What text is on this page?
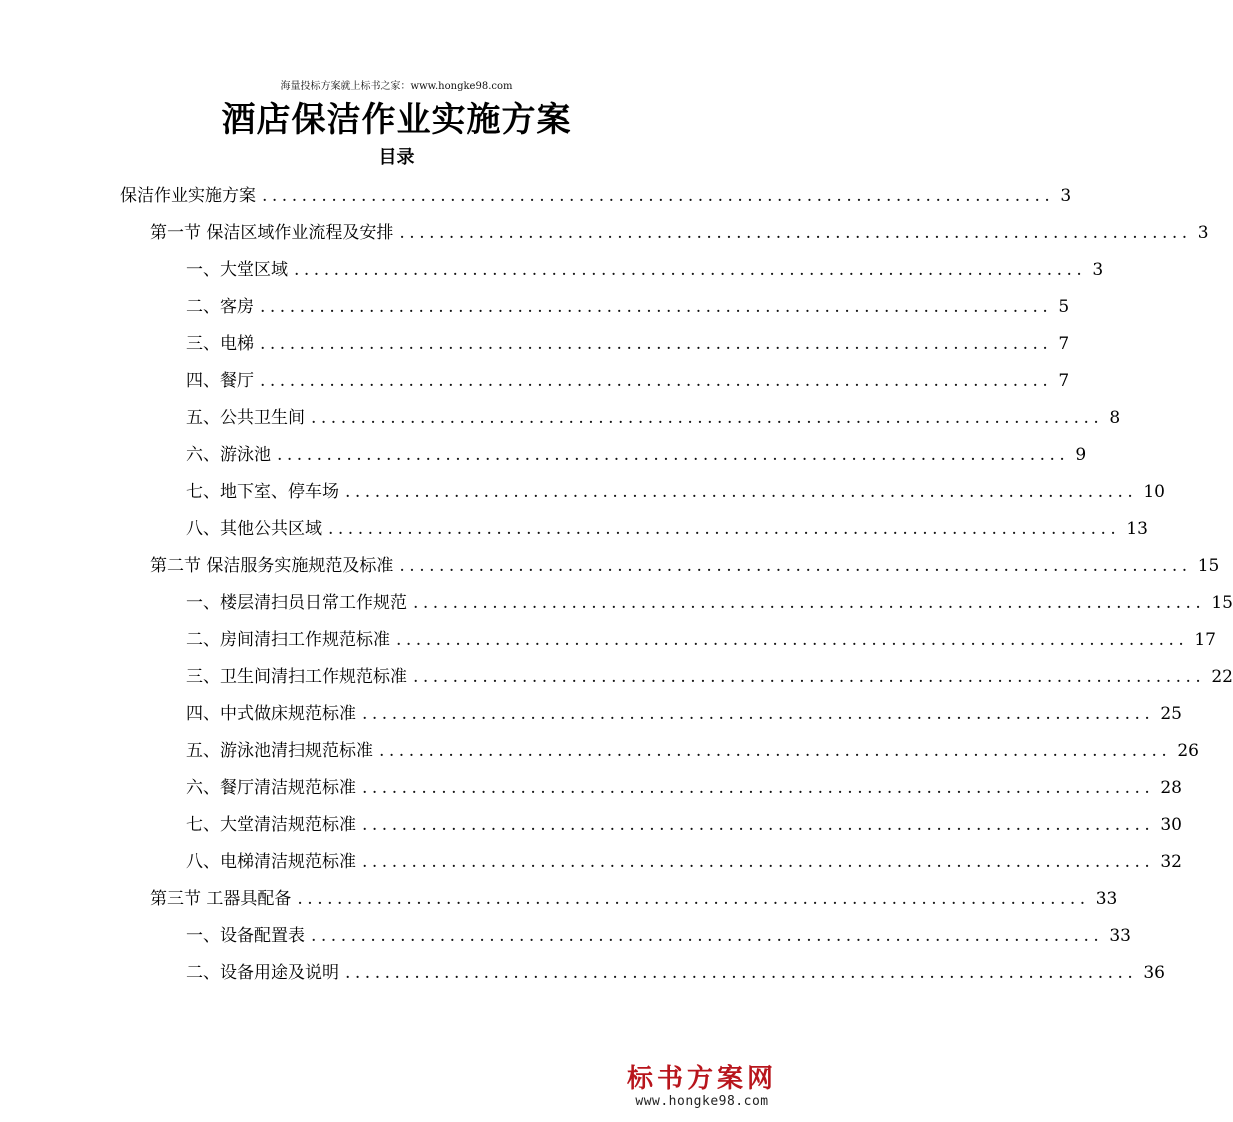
海量投标方案就上标书之家：www.hongke98.com
酒店保洁作业实施方案
目录
保洁作业实施方案 ................................................................................ 3
第一节 保洁区域作业流程及安排 ................................................................................ 3
一、大堂区域 ................................................................................ 3
二、客房 ................................................................................ 5
三、电梯 ................................................................................ 7
四、餐厅 ................................................................................ 7
五、公共卫生间 ................................................................................ 8
六、游泳池 ................................................................................ 9
七、地下室、停车场 ................................................................................ 10
八、其他公共区域 ................................................................................ 13
第二节 保洁服务实施规范及标准 ................................................................................ 15
一、楼层清扫员日常工作规范 ................................................................................ 15
二、房间清扫工作规范标准 ................................................................................ 17
三、卫生间清扫工作规范标准 ................................................................................ 22
四、中式做床规范标准 ................................................................................ 25
五、游泳池清扫规范标准 ................................................................................ 26
六、餐厅清洁规范标准 ................................................................................ 28
七、大堂清洁规范标准 ................................................................................ 30
八、电梯清洁规范标准 ................................................................................ 32
第三节 工器具配备 ................................................................................ 33
一、设备配置表 ................................................................................ 33
二、设备用途及说明 ................................................................................ 36
标书方案网
www.hongke98.com
